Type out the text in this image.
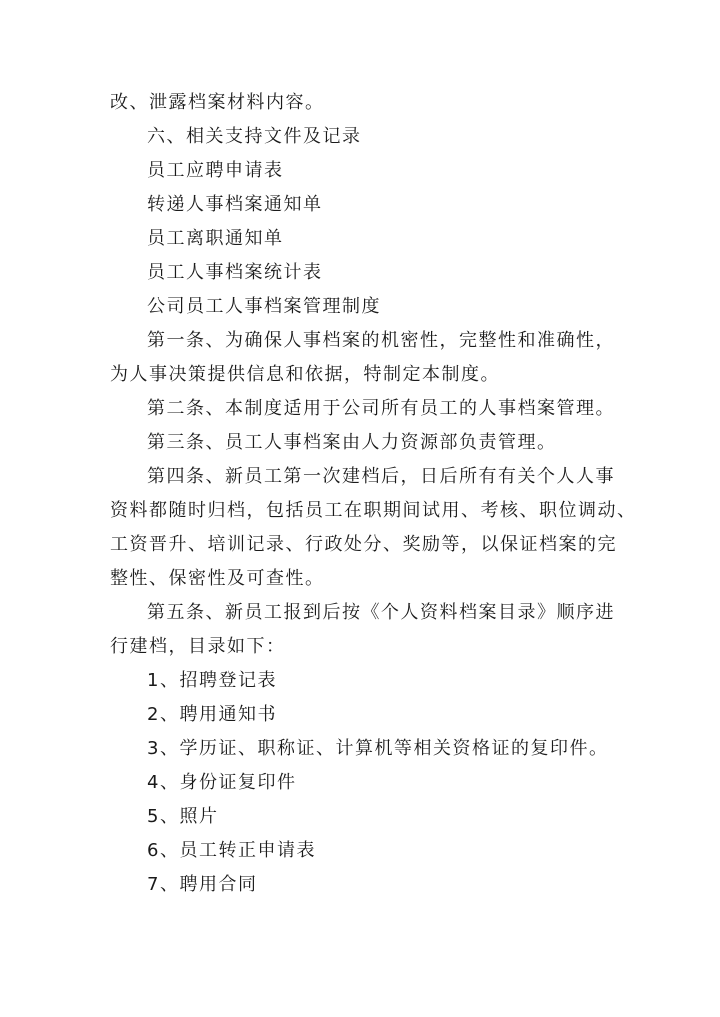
改、泄露档案材料内容。
六、相关支持文件及记录
员工应聘申请表
转递人事档案通知单
员工离职通知单
员工人事档案统计表
公司员工人事档案管理制度
第一条、为确保人事档案的机密性，完整性和准确性，
为人事决策提供信息和依据，特制定本制度。
第二条、本制度适用于公司所有员工的人事档案管理。
第三条、员工人事档案由人力资源部负责管理。
第四条、新员工第一次建档后，日后所有有关个人人事
资料都随时归档，包括员工在职期间试用、考核、职位调动、
工资晋升、培训记录、行政处分、奖励等，以保证档案的完
整性、保密性及可查性。
第五条、新员工报到后按《个人资料档案目录》顺序进
行建档，目录如下：
1、招聘登记表
2、聘用通知书
3、学历证、职称证、计算机等相关资格证的复印件。
4、身份证复印件
5、照片
6、员工转正申请表
7、聘用合同
